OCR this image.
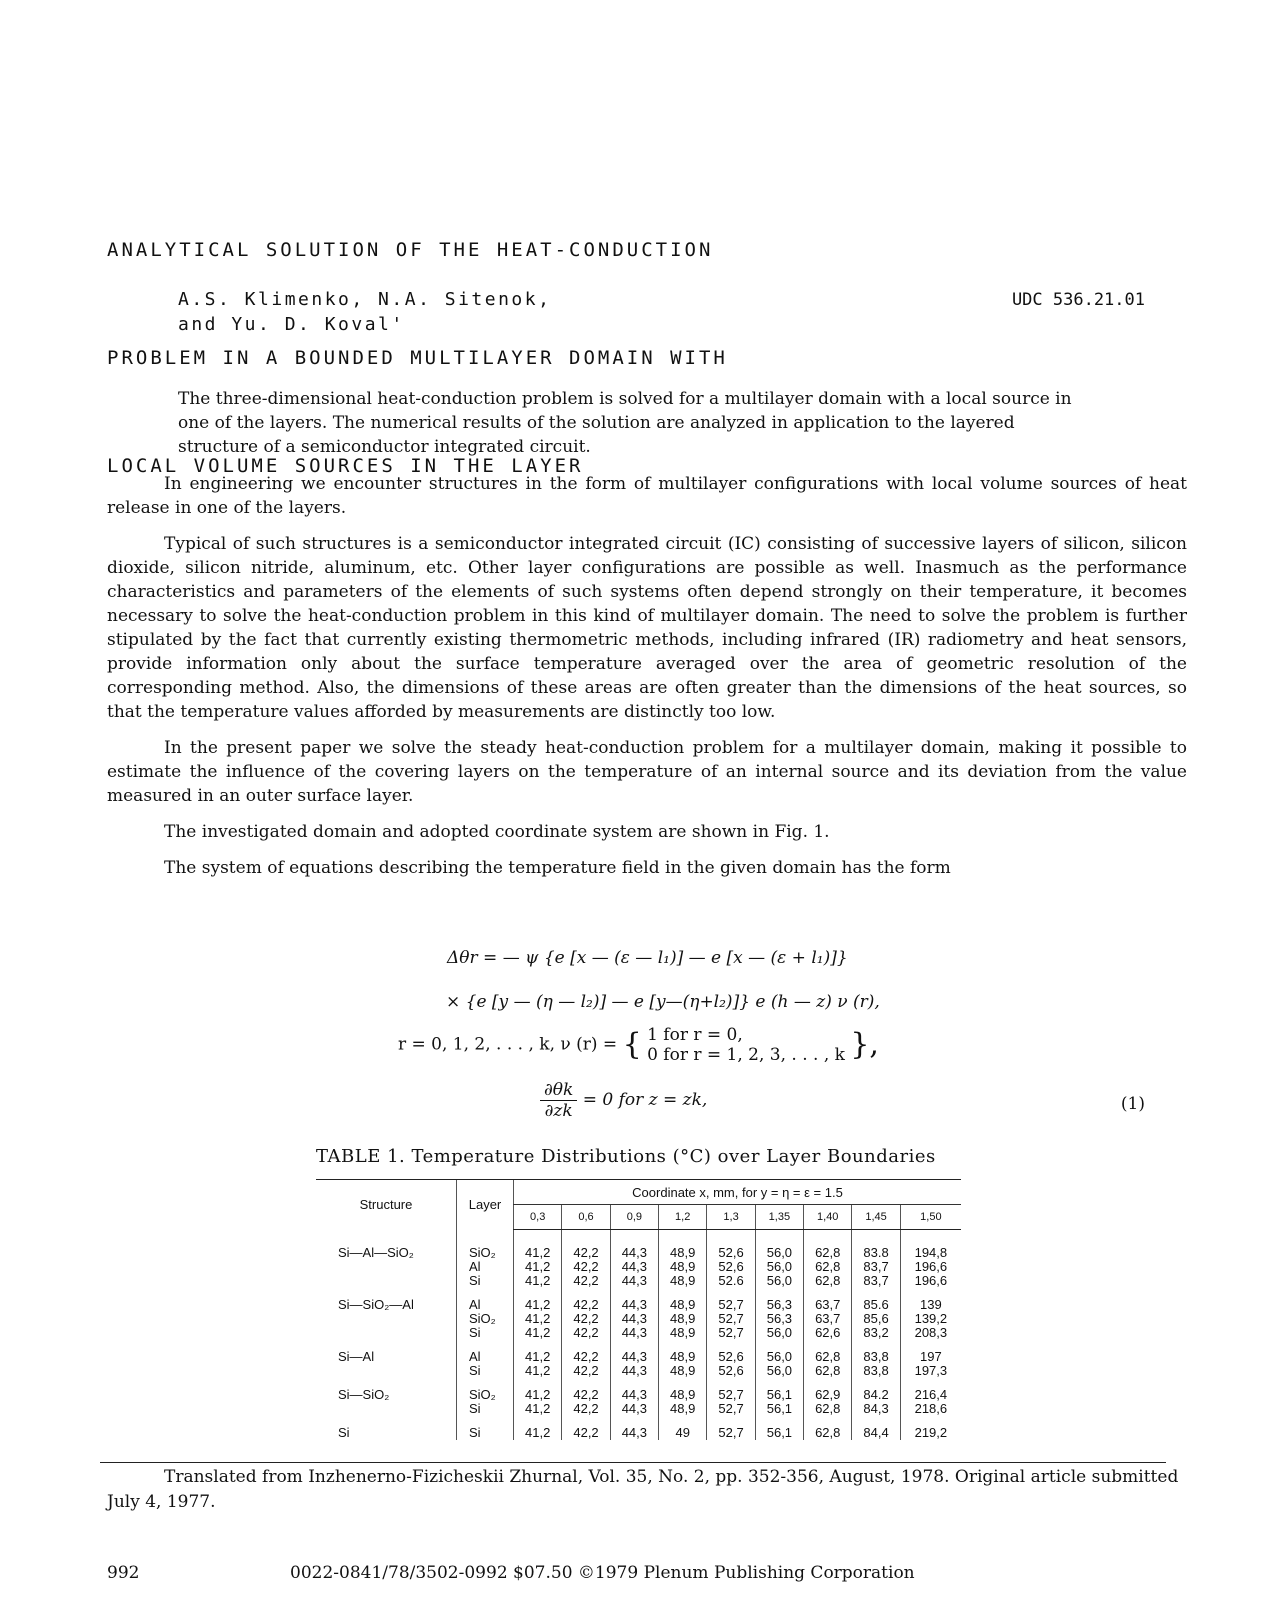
ANALYTICAL SOLUTION OF THE HEAT-CONDUCTION

PROBLEM IN A BOUNDED MULTILAYER DOMAIN WITH

LOCAL VOLUME SOURCES IN THE LAYER

A.S. Klimenko, N.A. Sitenok,
and Yu. D. Koval'
UDC 536.21.01
The three-dimensional heat-conduction problem is solved for a multilayer domain with a local source in one of the layers. The numerical results of the solution are analyzed in application to the layered structure of a semiconductor integrated circuit.

In engineering we encounter structures in the form of multilayer configurations with local volume sources of heat release in one of the layers.

Typical of such structures is a semiconductor integrated circuit (IC) consisting of successive layers of silicon, silicon dioxide, silicon nitride, aluminum, etc. Other layer configurations are possible as well. Inasmuch as the performance characteristics and parameters of the elements of such systems often depend strongly on their temperature, it becomes necessary to solve the heat-conduction problem in this kind of multilayer domain. The need to solve the problem is further stipulated by the fact that currently existing thermometric methods, including infrared (IR) radiometry and heat sensors, provide information only about the surface temperature averaged over the area of geometric resolution of the corresponding method. Also, the dimensions of these areas are often greater than the dimensions of the heat sources, so that the temperature values afforded by measurements are distinctly too low.

In the present paper we solve the steady heat-conduction problem for a multilayer domain, making it possible to estimate the influence of the covering layers on the temperature of an internal source and its deviation from the value measured in an outer surface layer.

The investigated domain and adopted coordinate system are shown in Fig. 1.

The system of equations describing the temperature field in the given domain has the form

Δθr = — ψ {e [x — (ε — l₁)] — e [x — (ε + l₁)]}
× {e [y — (η — l₂)] — e [y—(η+l₂)]} e (h — z) ν (r),
r = 0, 1, 2, . . . , k, ν (r) = { 1 for r = 0,
0 for r = 1, 2, 3, . . . , k },
$\frac{\partial\theta k}{\partial zk} = 0$ for z = zk,	(1)
TABLE 1. Temperature Distributions (°C) over Layer Boundaries
Structure	Layer	Coordinate x, mm, for y = η = ε = 1.5								
		0,3	0,6	0,9	1,2	1,3	1,35	1,40	1,45	1,50
Si—Al—SiO₂	SiO₂	41,2	42,2	44,3	48,9	52,6	56,0	62,8	83.8	194,8
	Al	41,2	42,2	44,3	48,9	52,6	56,0	62,8	83,7	196,6
	Si	41,2	42,2	44,3	48,9	52.6	56,0	62,8	83,7	196,6
Si—SiO₂—Al	Al	41,2	42,2	44,3	48,9	52,7	56,3	63,7	85.6	139
	SiO₂	41,2	42,2	44,3	48,9	52,7	56,3	63,7	85,6	139,2
	Si	41,2	42,2	44,3	48,9	52,7	56,0	62,6	83,2	208,3
Si—Al	Al	41,2	42,2	44,3	48,9	52,6	56,0	62,8	83,8	197
	Si	41,2	42,2	44,3	48,9	52,6	56,0	62,8	83,8	197,3
Si—SiO₂	SiO₂	41,2	42,2	44,3	48,9	52,7	56,1	62,9	84.2	216,4
	Si	41,2	42,2	44,3	48,9	52,7	56,1	62,8	84,3	218,6
Si	Si	41,2	42,2	44,3	49	52,7	56,1	62,8	84,4	219,2
Translated from Inzhenerno-Fizicheskii Zhurnal, Vol. 35, No. 2, pp. 352-356, August, 1978. Original article submitted July 4, 1977.
992	0022-0841/78/3502-0992 $07.50 ©1979 Plenum Publishing Corporation
